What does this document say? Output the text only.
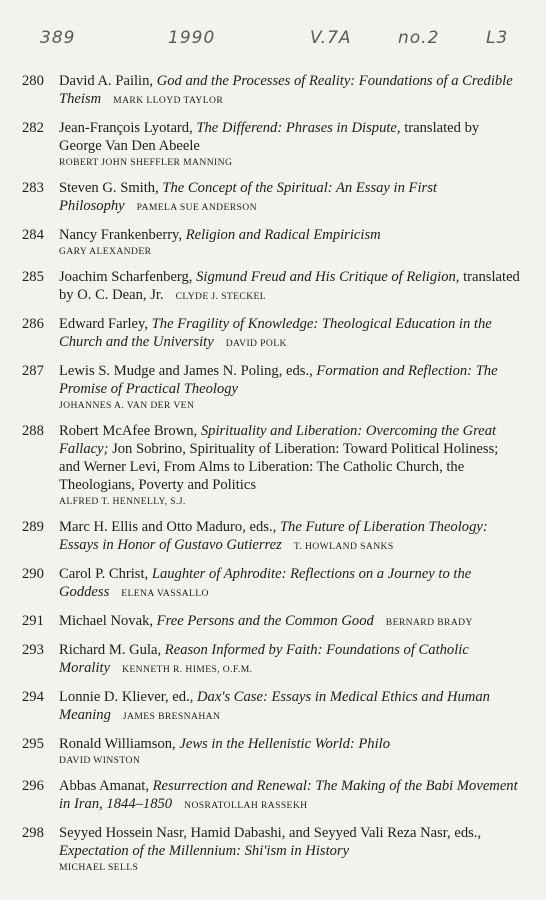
389	1990	V.7A	no.2	L3
280	David A. Pailin, God and the Processes of Reality: Foundations of a Credible Theism MARK LLOYD TAYLOR
282	Jean-François Lyotard, The Differend: Phrases in Dispute, translated by George Van Den Abeele
ROBERT JOHN SHEFFLER MANNING
283	Steven G. Smith, The Concept of the Spiritual: An Essay in First Philosophy PAMELA SUE ANDERSON
284	Nancy Frankenberry, Religion and Radical Empiricism
GARY ALEXANDER
285	Joachim Scharfenberg, Sigmund Freud and His Critique of Religion, translated by O. C. Dean, Jr. CLYDE J. STECKEL
286	Edward Farley, The Fragility of Knowledge: Theological Education in the Church and the University DAVID POLK
287	Lewis S. Mudge and James N. Poling, eds., Formation and Reflection: The Promise of Practical Theology
JOHANNES A. VAN DER VEN
288	Robert McAfee Brown, Spirituality and Liberation: Overcoming the Great Fallacy; Jon Sobrino, Spirituality of Liberation: Toward Political Holiness; and Werner Levi, From Alms to Liberation: The Catholic Church, the Theologians, Poverty and Politics
ALFRED T. HENNELLY, S.J.
289	Marc H. Ellis and Otto Maduro, eds., The Future of Liberation Theology: Essays in Honor of Gustavo Gutierrez T. HOWLAND SANKS
290	Carol P. Christ, Laughter of Aphrodite: Reflections on a Journey to the Goddess ELENA VASSALLO
291	Michael Novak, Free Persons and the Common Good BERNARD BRADY
293	Richard M. Gula, Reason Informed by Faith: Foundations of Catholic Morality KENNETH R. HIMES, O.F.M.
294	Lonnie D. Kliever, ed., Dax's Case: Essays in Medical Ethics and Human Meaning JAMES BRESNAHAN
295	Ronald Williamson, Jews in the Hellenistic World: Philo
DAVID WINSTON
296	Abbas Amanat, Resurrection and Renewal: The Making of the Babi Movement in Iran, 1844–1850 NOSRATOLLAH RASSEKH
298	Seyyed Hossein Nasr, Hamid Dabashi, and Seyyed Vali Reza Nasr, eds., Expectation of the Millennium: Shi'ism in History
MICHAEL SELLS
